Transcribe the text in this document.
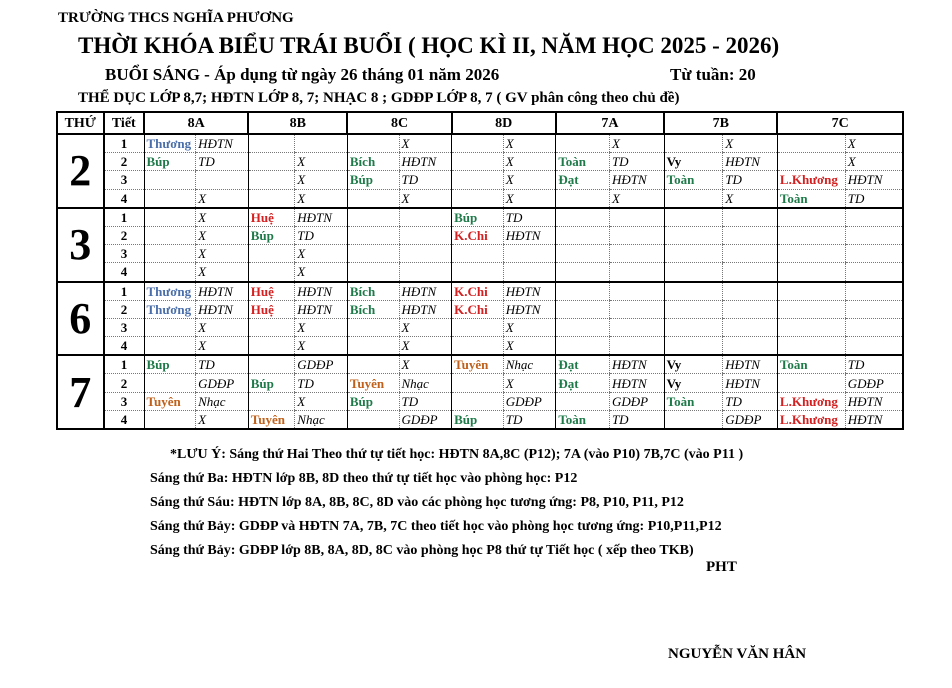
TRƯỜNG THCS NGHĨA PHƯƠNG
THỜI KHÓA BIỂU TRÁI BUỔI ( HỌC KÌ II, NĂM HỌC 2025 - 2026)
BUỔI SÁNG - Áp dụng từ ngày 26 tháng 01 năm 2026	Từ tuần: 20
THỂ DỤC LỚP 8,7; HĐTN LỚP 8, 7; NHẠC 8 ; GDĐP LỚP 8, 7 ( GV phân công theo chủ đề)
THỨ	Tiết	8A		8B		8C		8D		7A		7B		7C	
2	1	Thương	HĐTN				X		X		X		X		X
	2	Búp	TD		X	Bích	HĐTN		X	Toàn	TD	Vy	HĐTN		X
	3				X	Búp	TD		X	Đạt	HĐTN	Toàn	TD	L.Khương	HĐTN
	4		X		X		X		X		X		X	Toàn	TD
3	1		X	Huệ	HĐTN			Búp	TD						
	2		X	Búp	TD			K.Chi	HĐTN						
	3		X		X										
	4		X		X										
6	1	Thương	HĐTN	Huệ	HĐTN	Bích	HĐTN	K.Chi	HĐTN						
	2	Thương	HĐTN	Huệ	HĐTN	Bích	HĐTN	K.Chi	HĐTN						
	3		X		X		X		X						
	4		X		X		X		X						
7	1	Búp	TD		GDĐP		X	Tuyên	Nhạc	Đạt	HĐTN	Vy	HĐTN	Toàn	TD
	2		GDĐP	Búp	TD	Tuyên	Nhạc		X	Đạt	HĐTN	Vy	HĐTN		GDĐP
	3	Tuyên	Nhạc		X	Búp	TD		GDĐP		GDĐP	Toàn	TD	L.Khương	HĐTN
	4		X	Tuyên	Nhạc		GDĐP	Búp	TD	Toàn	TD		GDĐP	L.Khương	HĐTN
*LƯU Ý: Sáng thứ Hai Theo thứ tự tiết học: HĐTN 8A,8C (P12); 7A (vào P10) 7B,7C (vào P11 )
Sáng thứ Ba: HĐTN lớp 8B, 8D theo thứ tự tiết học vào phòng học: P12
Sáng thứ Sáu: HĐTN lớp 8A, 8B, 8C, 8D vào các phòng học tương ứng: P8, P10, P11, P12
Sáng thứ Bảy: GDĐP và HĐTN 7A, 7B, 7C theo tiết học vào phòng học tương ứng: P10,P11,P12
Sáng thứ Bảy: GDĐP lớp 8B, 8A, 8D, 8C vào phòng học P8 thứ tự Tiết học ( xếp theo TKB)
PHT
NGUYỄN VĂN HÂN
